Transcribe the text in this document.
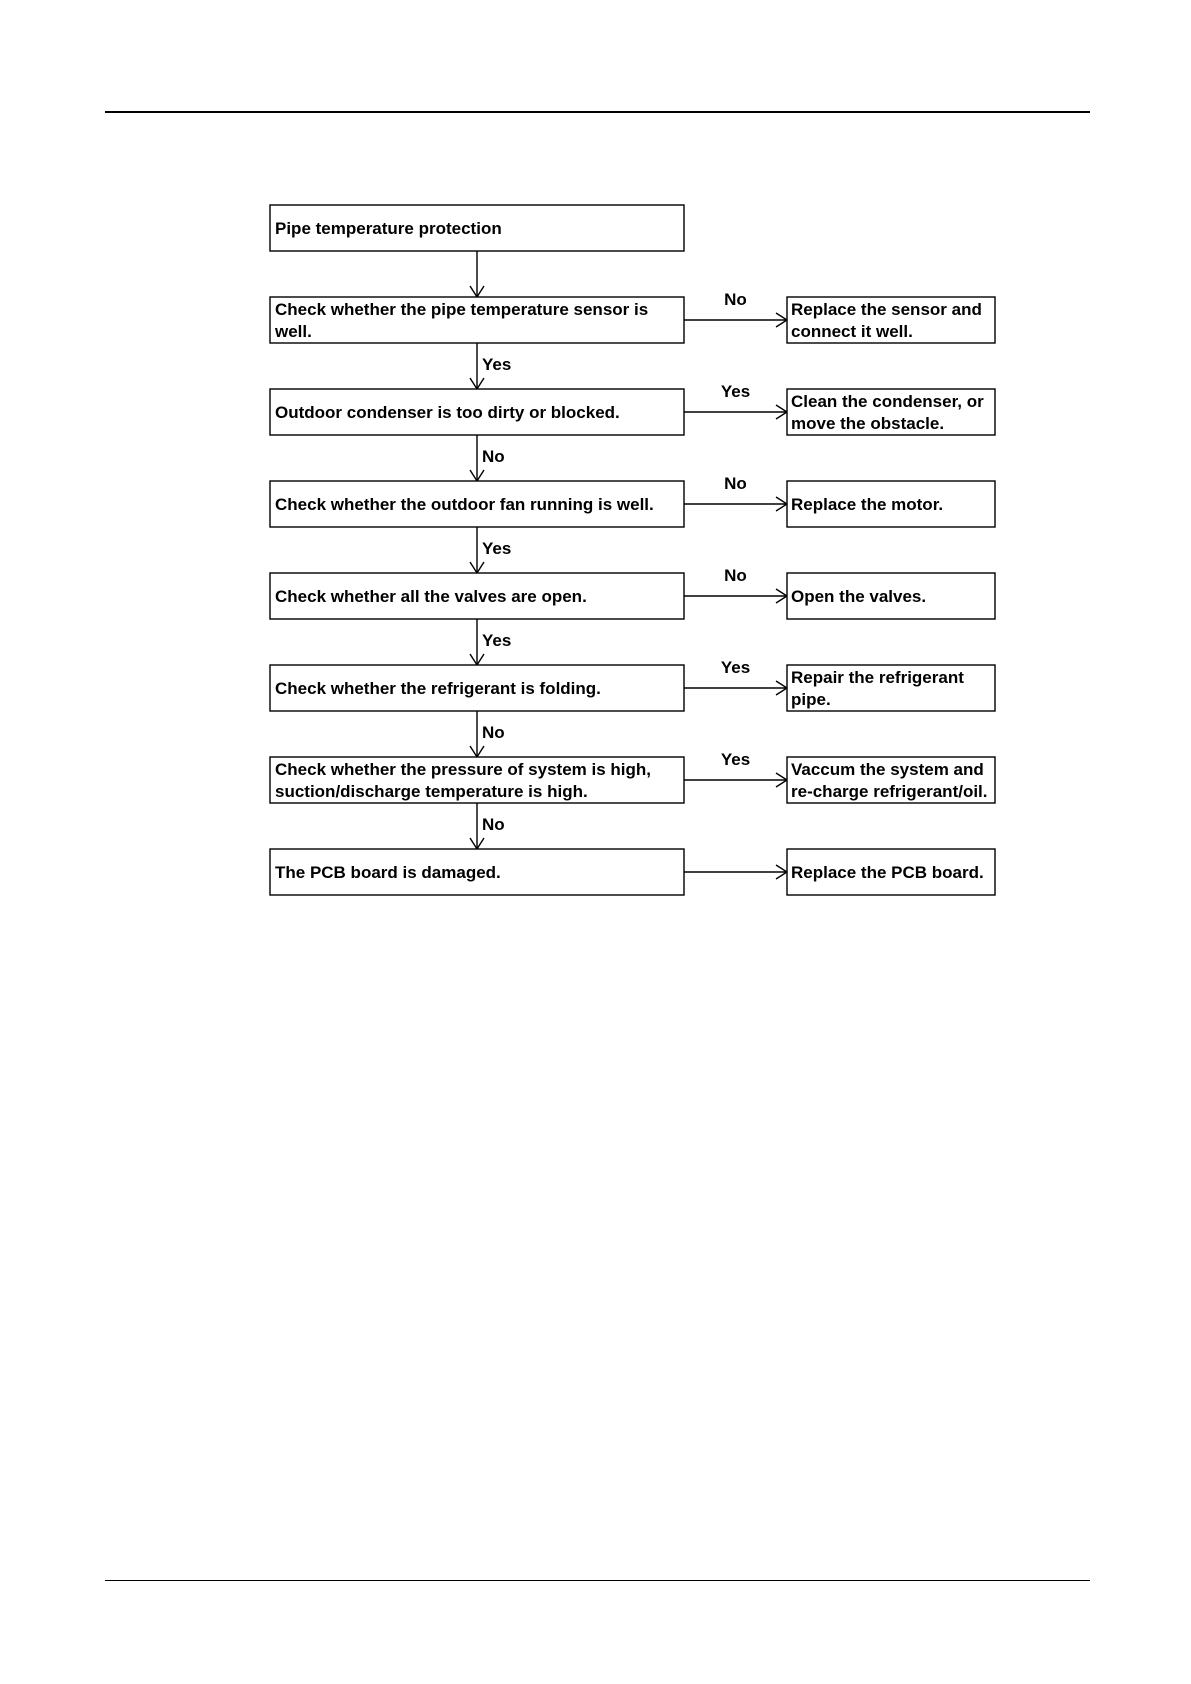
Pipe temperature protection
Check whether the pipe temperature sensor is well.
No
Replace the sensor and connect it well.
Yes
Outdoor condenser is too dirty or blocked.
Yes
Clean the condenser, or move the obstacle.
No
Check whether the outdoor fan running is well.
No
Replace the motor.
Yes
Check whether all the valves are open.
No
Open the valves.
Yes
Check whether the refrigerant is folding.
Yes
Repair the refrigerant pipe.
No
Check whether the pressure of system is high, suction/discharge temperature is high.
Yes
Vaccum the system and re-charge refrigerant/oil.
No
The PCB board is damaged.	Replace the PCB board.
